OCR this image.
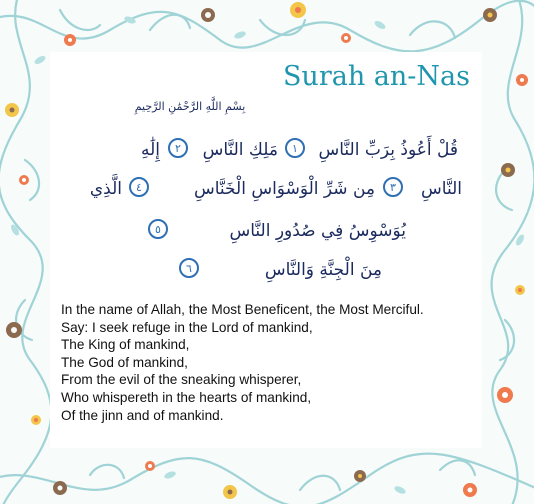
Surah an-Nas
بِسْمِ اللَّهِ الرَّحْمَٰنِ الرَّحِيمِ
قُلْ أَعُوذُ بِرَبِّ النَّاسِ
١
مَلِكِ النَّاسِ
٢
إِلَٰهِ
النَّاسِ
٣
مِن شَرِّ الْوَسْوَاسِ الْخَنَّاسِ
٤
الَّذِي
يُوَسْوِسُ فِي صُدُورِ النَّاسِ
٥
مِنَ الْجِنَّةِ وَالنَّاسِ
٦
In the name of Allah, the Most Beneficent, the Most Merciful.
Say: I seek refuge in the Lord of mankind,
The King of mankind,
The God of mankind,
From the evil of the sneaking whisperer,
Who whispereth in the hearts of mankind,
Of the jinn and of mankind.
